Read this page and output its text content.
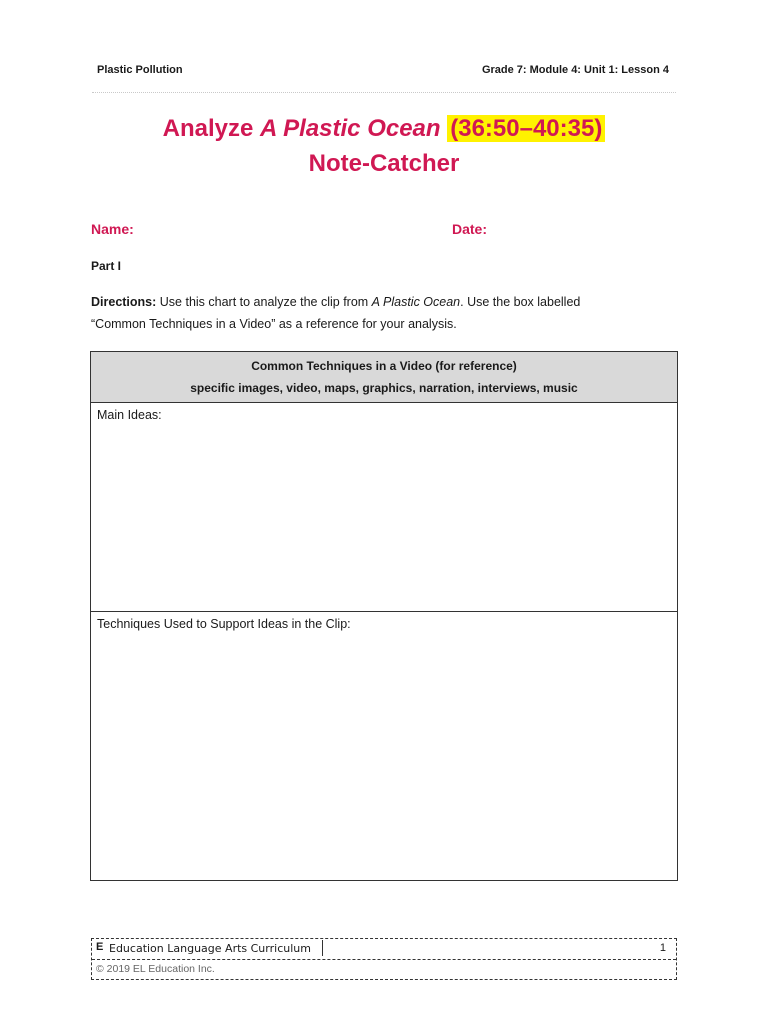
Plastic Pollution	Grade 7: Module 4: Unit 1: Lesson 4
Analyze A Plastic Ocean (36:50–40:35)
Note-Catcher
Name:	Date:
Part I
Directions: Use this chart to analyze the clip from A Plastic Ocean. Use the box labelled
“Common Techniques in a Video” as a reference for your analysis.
Common Techniques in a Video (for reference)
specific images, video, maps, graphics, narration, interviews, music
Main Ideas:
Techniques Used to Support Ideas in the Clip:
E Education Language Arts Curriculum	1
© 2019 EL Education Inc.
